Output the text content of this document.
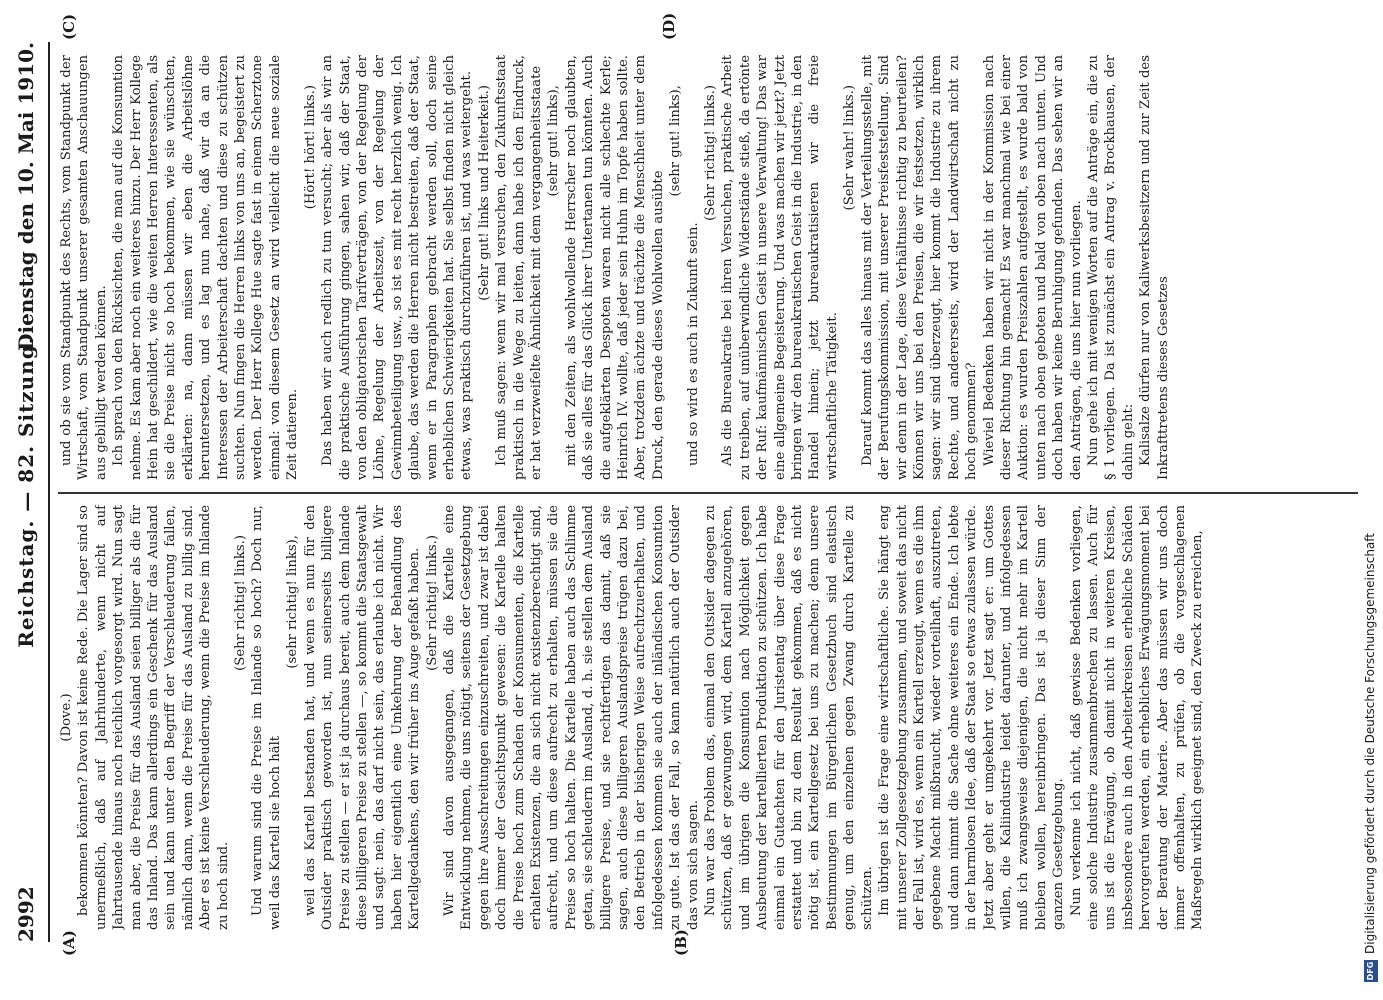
2992
Reichstag. — 82. Sitzung.
Dienstag den 10. Mai 1910.
(A)	(B)
(C)	(D)

(Dove.) bekommen könnten? Davon ist keine Rede. Die Lager sind so unermeßlich, daß auf Jahrhunderte, wenn nicht auf Jahrtausende hinaus noch reichlich vorgesorgt wird. Nun sagt man aber, die Preise für das Ausland seien billiger als die für das Inland. Das kann allerdings ein Geschenk für das Ausland sein und kann unter den Begriff der Verschleuderung fallen, nämlich dann, wenn die Preise für das Ausland zu billig sind. Aber es ist keine Verschleuderung, wenn die Preise im Inlande zu hoch sind.

(Sehr richtig! links.) Und warum sind die Preise im Inlande so hoch? Doch nur, weil das Kartell sie hoch hält

(sehr richtig! links), weil das Kartell bestanden hat, und wenn es nun für den Outsider praktisch geworden ist, nun seinerseits billigere Preise zu stellen — er ist ja durchaus bereit, auch dem Inlande diese billigeren Preise zu stellen —, so kommt die Staatsgewalt und sagt: nein, das darf nicht sein, das erlaube ich nicht. Wir haben hier eigentlich eine Umkehrung der Behandlung des Kartellgedankens, den wir früher ins Auge gefaßt haben. (Sehr richtig! links.) Wir sind davon ausgegangen, daß die Kartelle eine Entwicklung nehmen, die uns nötigt, seitens der Gesetzgebung gegen ihre Ausschreitungen einzuschreiten, und zwar ist dabei doch immer der Gesichtspunkt gewesen: die Kartelle halten die Preise hoch zum Schaden der Konsumenten, die Kartelle erhalten Existenzen, die an sich nicht existenzberechtigt sind, aufrecht, und um diese aufrecht zu erhalten, müssen sie die Preise so hoch halten. Die Kartelle haben auch das Schlimme getan, sie schleudern im Ausland, d. h. sie stellen dem Ausland billigere Preise, und sie rechtfertigen das damit, daß sie sagen, auch diese billigeren Auslandspreise trügen dazu bei, den Betrieb in der bisherigen Weise aufrechtzuerhalten, und infolgedessen kommen sie auch der inländischen Konsumtion zu gute. Ist das der Fall, so kann natürlich auch der Outsider das von sich sagen. Nun war das Problem das, einmal den Outsider dagegen zu schützen, daß er gezwungen wird, dem Kartell anzugehören, und im übrigen die Konsumtion nach Möglichkeit gegen Ausbeutung der kartellierten Produktion zu schützen. Ich habe einmal ein Gutachten für den Juristentag über diese Frage erstattet und bin zu dem Resultat gekommen, daß es nicht nötig ist, ein Kartellgesetz bei uns zu machen; denn unsere Bestimmungen im Bürgerlichen Gesetzbuch sind elastisch genug, um den einzelnen gegen Zwang durch Kartelle zu schützen. Im übrigen ist die Frage eine wirtschaftliche. Sie hängt eng mit unserer Zollgesetzgebung zusammen, und soweit das nicht der Fall ist, wird es, wenn ein Kartell erzeugt, wenn es die ihm gegebene Macht mißbraucht, wieder vorteilhaft, auszutreten, und dann nimmt die Sache ohne weiteres ein Ende. Ich lebte in der harmlosen Idee, daß der Staat so etwas zulassen würde. Jetzt aber geht er umgekehrt vor. Jetzt sagt er: um Gottes willen, die Kaliindustrie leidet darunter, und infolgedessen muß ich zwangsweise diejenigen, die nicht mehr im Kartell bleiben wollen, hereinbringen. Das ist ja dieser Sinn der ganzen Gesetzgebung. Nun verkenne ich nicht, daß gewisse Bedenken vorliegen, eine solche Industrie zusammenbrechen zu lassen. Auch für uns ist die Erwägung, ob damit nicht in weiteren Kreisen, insbesondere auch in den Arbeiterkreisen erhebliche Schäden hervorgerufen werden, ein erhebliches Erwägungsmoment bei der Beratung der Materie. Aber das müssen wir uns doch immer offenhalten, zu prüfen, ob die vorgeschlagenen Maßregeln wirklich geeignet sind, den Zweck zu erreichen,

und ob sie vom Standpunkt des Rechts, vom Standpunkt der Wirtschaft, vom Standpunkt unserer gesamten Anschauungen aus gebilligt werden können. Ich sprach von den Rücksichten, die man auf die Konsumtion nehme. Es kam aber noch ein weiteres hinzu. Der Herr Kollege Hein hat geschildert, wie die weiten Herren Interessenten, als sie die Preise nicht so hoch bekommen, wie sie wünschten, erklärten: na, dann müssen wir eben die Arbeitslöhne heruntersetzen, und es lag nun nahe, daß wir da an die Interessen der Arbeiterschaft dachten und diese zu schützen suchten. Nun fingen die Herren links von uns an, begeistert zu werden. Der Herr Kollege Hue sagte fast in einem Scherztone einmal: von diesem Gesetz an wird vielleicht die neue soziale Zeit datieren.

(Hört! hört! links.) Das haben wir auch redlich zu tun versucht; aber als wir an die praktische Ausführung gingen, sahen wir, daß der Staat, von den obligatorischen Tarifverträgen, von der Regelung der Löhne, Regelung der Arbeitszeit, von der Regelung der Gewinnbeteiligung usw., so ist es mit recht herzlich wenig. Ich glaube, das werden die Herren nicht bestreiten, daß der Staat, wenn er in Paragraphen gebracht werden soll, doch seine erheblichen Schwierigkeiten hat. Sie selbst finden nicht gleich etwas, was praktisch durchzuführen ist, und was weitergeht. (Sehr gut! links und Heiterkeit.) Ich muß sagen: wenn wir mal versuchen, den Zukunftsstaat praktisch in die Wege zu leiten, dann habe ich den Eindruck, er hat verzweifelte Ähnlichkeit mit dem vergangenheitsstaate (sehr gut! links), mit den Zeiten, als wohlwollende Herrscher noch glaubten, daß sie alles für das Glück ihrer Untertanen tun könnten. Auch die aufgeklärten Despoten waren nicht alle schlechte Kerle; Heinrich IV. wollte, daß jeder sein Huhn im Topfe haben sollte. Aber, trotzdem ächzte und trächzte die Menschheit unter dem Druck, den gerade dieses Wohlwollen ausübte

(sehr gut! links),

und so wird es auch in Zukunft sein.

(Sehr richtig! links.) Als die Bureaukratie bei ihren Versuchen, praktische Arbeit zu treiben, auf unüberwindliche Widerstände stieß, da ertönte der Ruf: kaufmännischen Geist in unsere Verwaltung! Das war eine allgemeine Begeisterung. Und was machen wir jetzt? Jetzt bringen wir den bureaukratischen Geist in die Industrie, in den Handel hinein; jetzt bureaukratisieren wir die freie wirtschaftliche Tätigkeit.

(Sehr wahr! links.) Darauf kommt das alles hinaus mit der Verteilungsstelle, mit der Berufungskommission, mit unserer Preisfeststellung. Sind wir denn in der Lage, diese Verhältnisse richtig zu beurteilen? Können wir uns bei den Preisen, die wir festsetzen, wirklich sagen: wir sind überzeugt, hier kommt die Industrie zu ihrem Rechte, und andererseits, wird der Landwirtschaft nicht zu hoch genommen? Wieviel Bedenken haben wir nicht in der Kommission nach dieser Richtung hin gemacht! Es war manchmal wie bei einer Auktion: es wurden Preiszahlen aufgestellt, es wurde bald von unten nach oben geboten und bald von oben nach unten. Und doch haben wir keine Beruhigung gefunden. Das sehen wir an den Anträgen, die uns hier nun vorliegen. Nun gehe ich mit wenigen Worten auf die Anträge ein, die zu § 1 vorliegen. Da ist zunächst ein Antrag v. Brockhausen, der dahin geht: Kalisalze dürfen nur von Kaliwerksbesitzern und zur Zeit des Inkrafttretens dieses Gesetzes

DFGDigitalisierung gefördert durch die Deutsche Forschungsgemeinschaft
